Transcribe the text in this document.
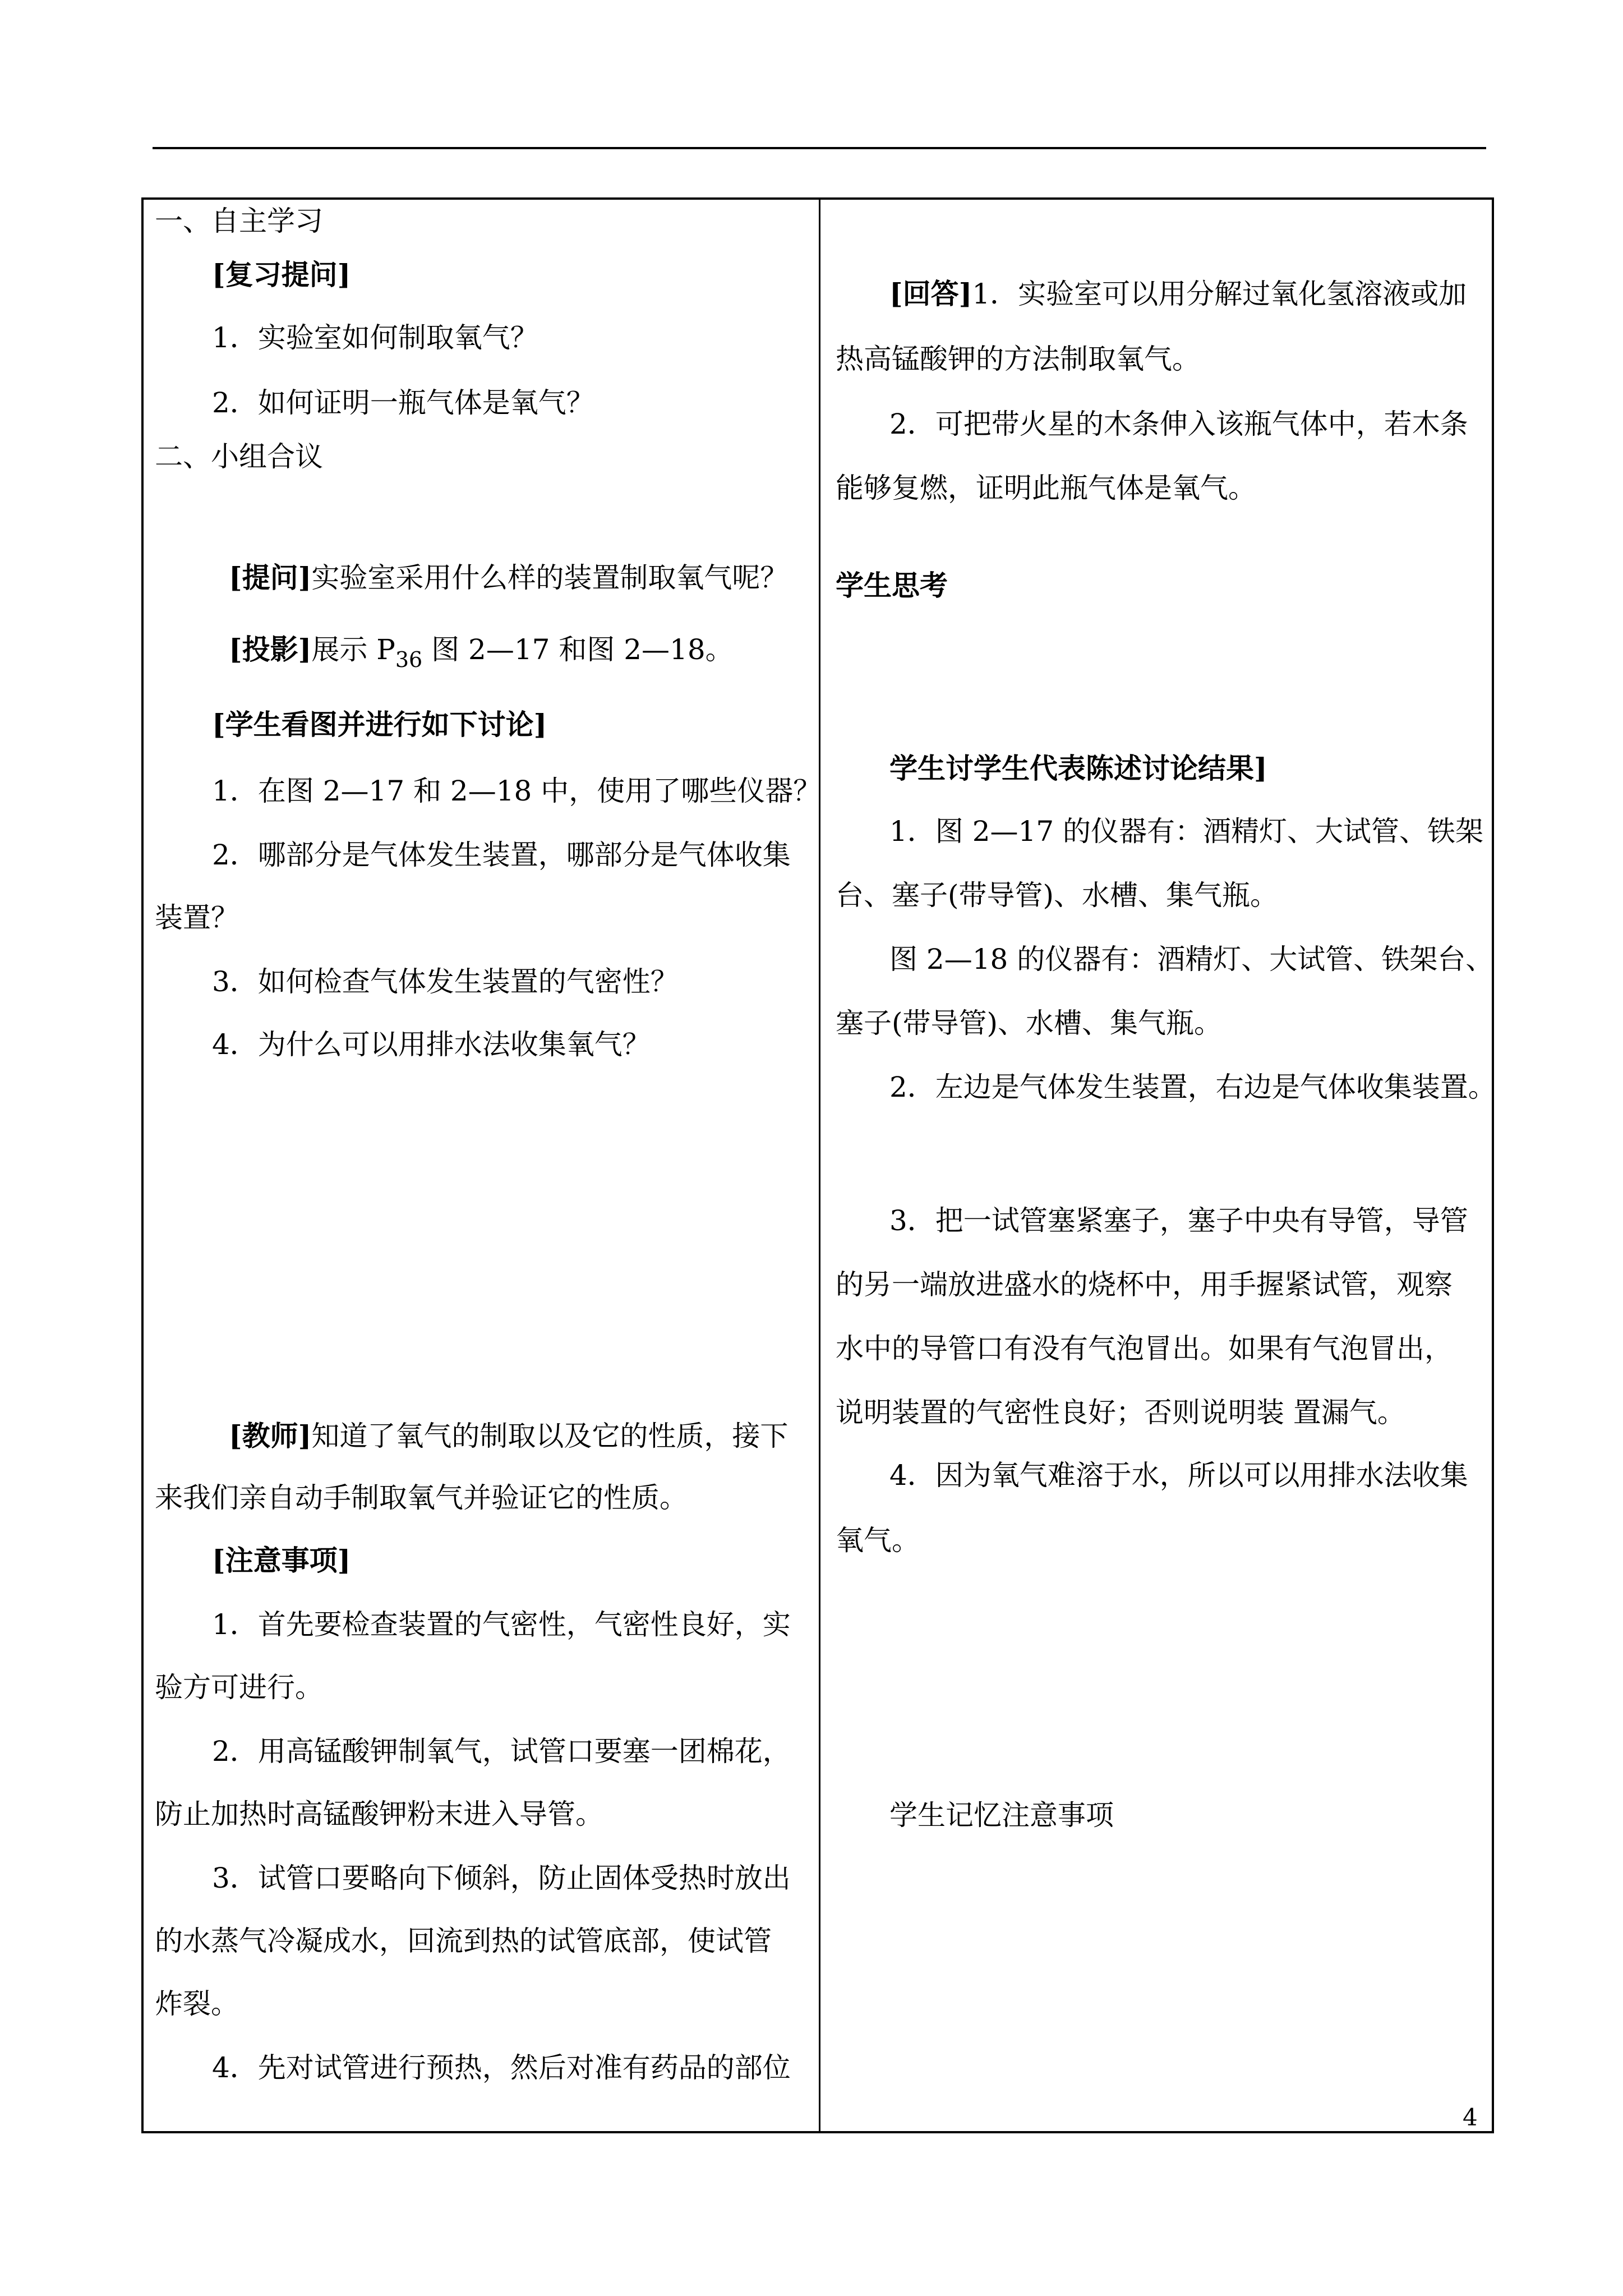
一、自主学习
[复习提问]
1．实验室如何制取氧气？
2．如何证明一瓶气体是氧气？
二、小组合议
[提问]实验室采用什么样的装置制取氧气呢？
[投影]展示 $P_{36}$ 图 2—17 和图 2—18。
[学生看图并进行如下讨论]
1．在图 2—17 和 2—18 中，使用了哪些仪器？
2．哪部分是气体发生装置，哪部分是气体收集
装置？
3．如何检查气体发生装置的气密性？
4．为什么可以用排水法收集氧气？
[教师]知道了氧气的制取以及它的性质，接下
来我们亲自动手制取氧气并验证它的性质。
[注意事项]
1．首先要检查装置的气密性，气密性良好，实
验方可进行。
2．用高锰酸钾制氧气，试管口要塞一团棉花，
防止加热时高锰酸钾粉末进入导管。
3．试管口要略向下倾斜，防止固体受热时放出
的水蒸气冷凝成水，回流到热的试管底部，使试管
炸裂。
4．先对试管进行预热，然后对准有药品的部位
[回答]1．实验室可以用分解过氧化氢溶液或加
热高锰酸钾的方法制取氧气。
2．可把带火星的木条伸入该瓶气体中，若木条
能够复燃，证明此瓶气体是氧气。
学生思考
学生讨学生代表陈述讨论结果]
1．图 2—17 的仪器有：酒精灯、大试管、铁架
台、塞子(带导管)、水槽、集气瓶。
图 2—18 的仪器有：酒精灯、大试管、铁架台、
塞子(带导管)、水槽、集气瓶。
2．左边是气体发生装置，右边是气体收集装置。
3．把一试管塞紧塞子，塞子中央有导管，导管
的另一端放进盛水的烧杯中，用手握紧试管，观察
水中的导管口有没有气泡冒出。如果有气泡冒出，
说明装置的气密性良好；否则说明装 置漏气。
4．因为氧气难溶于水，所以可以用排水法收集
氧气。
学生记忆注意事项
4
